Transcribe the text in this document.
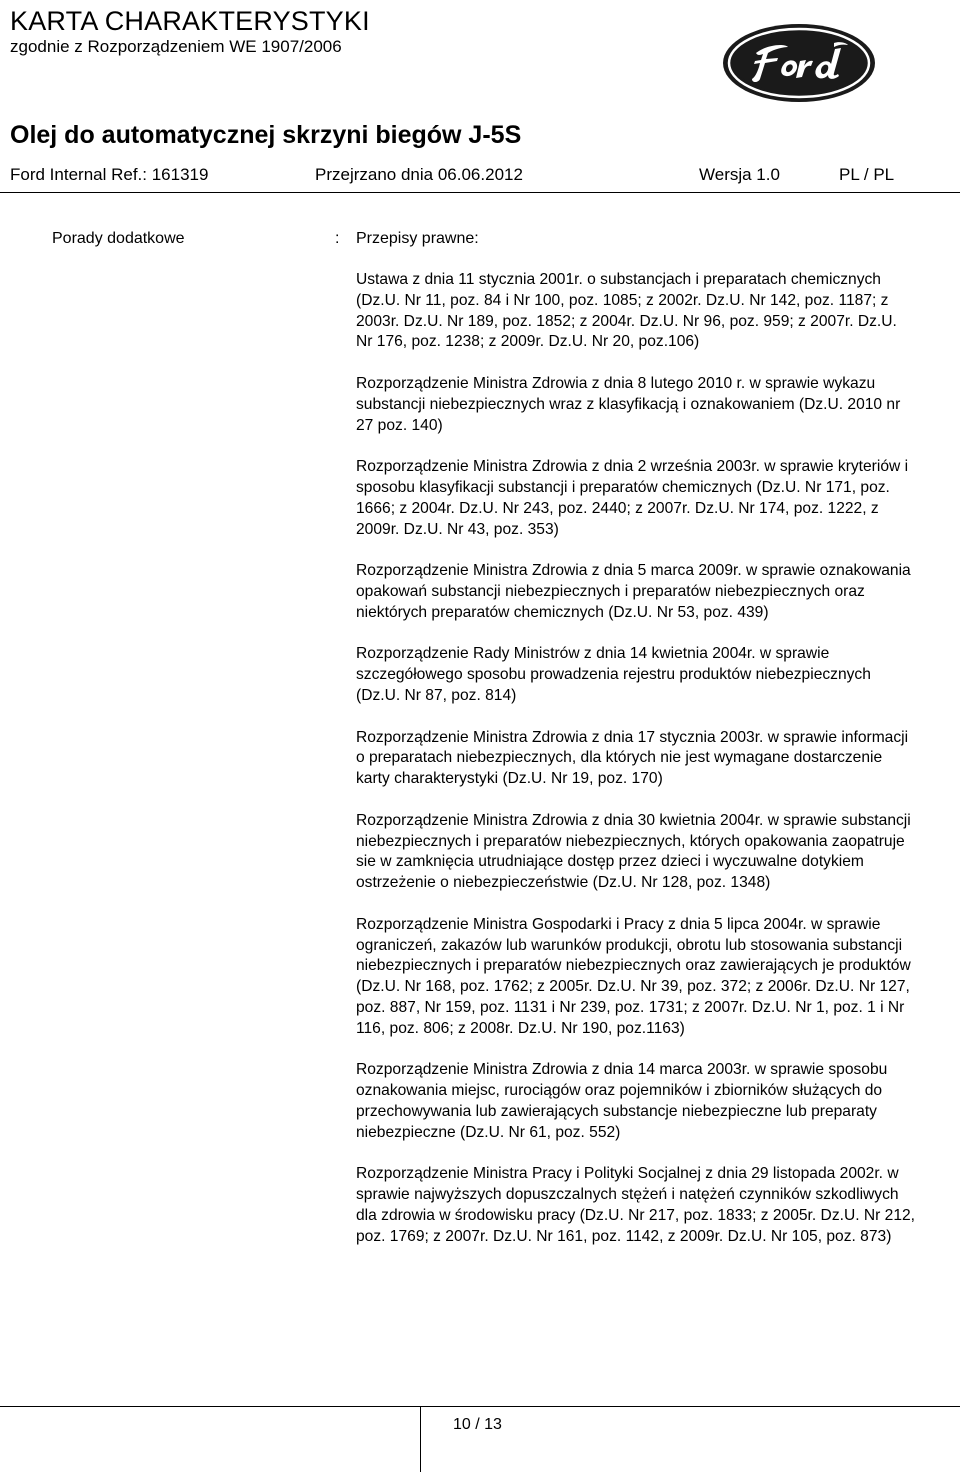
KARTA CHARAKTERYSTYKI
zgodnie z Rozporządzeniem WE 1907/2006
Olej do automatycznej skrzyni biegów J-5S
Ford Internal Ref.: 161319	Przejrzano dnia 06.06.2012	Wersja 1.0	PL / PL
Porady dodatkowe	: Przepisy prawne:

Ustawa z dnia 11 stycznia 2001r. o substancjach i preparatach chemicznych (Dz.U. Nr 11, poz. 84 i Nr 100, poz. 1085; z 2002r. Dz.U. Nr 142, poz. 1187; z 2003r. Dz.U. Nr 189, poz. 1852; z 2004r. Dz.U. Nr 96, poz. 959; z 2007r. Dz.U. Nr 176, poz. 1238; z 2009r. Dz.U. Nr 20, poz.106)

Rozporządzenie Ministra Zdrowia z dnia 8 lutego 2010 r. w sprawie wykazu substancji niebezpiecznych wraz z klasyfikacją i oznakowaniem (Dz.U. 2010 nr 27 poz. 140)

Rozporządzenie Ministra Zdrowia z dnia 2 września 2003r. w sprawie kryteriów i sposobu klasyfikacji substancji i preparatów chemicznych (Dz.U. Nr 171, poz. 1666; z 2004r. Dz.U. Nr 243, poz. 2440; z 2007r. Dz.U. Nr 174, poz. 1222, z 2009r. Dz.U. Nr 43, poz. 353)

Rozporządzenie Ministra Zdrowia z dnia 5 marca 2009r. w sprawie oznakowania opakowań substancji niebezpiecznych i preparatów niebezpiecznych oraz niektórych preparatów chemicznych (Dz.U. Nr 53, poz. 439)

Rozporządzenie Rady Ministrów z dnia 14 kwietnia 2004r. w sprawie szczegółowego sposobu prowadzenia rejestru produktów niebezpiecznych (Dz.U. Nr 87, poz. 814)

Rozporządzenie Ministra Zdrowia z dnia 17 stycznia 2003r. w sprawie informacji o preparatach niebezpiecznych, dla których nie jest wymagane dostarczenie karty charakterystyki (Dz.U. Nr 19, poz. 170)

Rozporządzenie Ministra Zdrowia z dnia 30 kwietnia 2004r. w sprawie substancji niebezpiecznych i preparatów niebezpiecznych, których opakowania zaopatruje sie w zamknięcia utrudniające dostęp przez dzieci i wyczuwalne dotykiem ostrzeżenie o niebezpieczeństwie (Dz.U. Nr 128, poz. 1348)

Rozporządzenie Ministra Gospodarki i Pracy z dnia 5 lipca 2004r. w sprawie ograniczeń, zakazów lub warunków produkcji, obrotu lub stosowania substancji niebezpiecznych i preparatów niebezpiecznych oraz zawierających je produktów (Dz.U. Nr 168, poz. 1762; z 2005r. Dz.U. Nr 39, poz. 372; z 2006r. Dz.U. Nr 127, poz. 887, Nr 159, poz. 1131 i Nr 239, poz. 1731; z 2007r. Dz.U. Nr 1, poz. 1 i Nr 116, poz. 806; z 2008r. Dz.U. Nr 190, poz.1163)

Rozporządzenie Ministra Zdrowia z dnia 14 marca 2003r. w sprawie sposobu oznakowania miejsc, rurociągów oraz pojemników i zbiorników służących do przechowywania lub zawierających substancje niebezpieczne lub preparaty niebezpieczne (Dz.U. Nr 61, poz. 552)

Rozporządzenie Ministra Pracy i Polityki Socjalnej z dnia 29 listopada 2002r. w sprawie najwyższych dopuszczalnych stężeń i natężeń czynników szkodliwych dla zdrowia w środowisku pracy (Dz.U. Nr 217, poz. 1833; z 2005r. Dz.U. Nr 212, poz. 1769; z 2007r. Dz.U. Nr 161, poz. 1142, z 2009r. Dz.U. Nr 105, poz. 873)

10 / 13
